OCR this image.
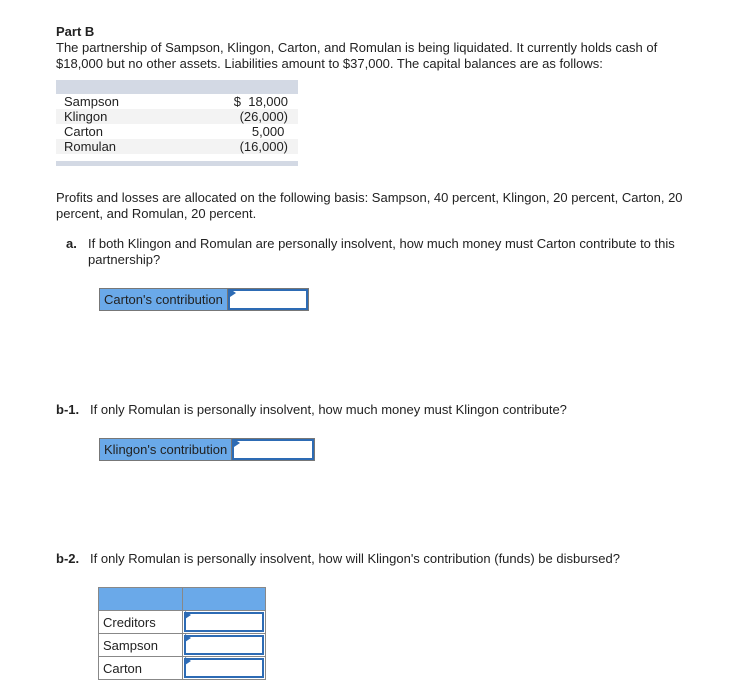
Part B
The partnership of Sampson, Klingon, Carton, and Romulan is being liquidated. It currently holds cash of $18,000 but no other assets. Liabilities amount to $37,000. The capital balances are as follows:
Sampson	$  18,000
Klingon	(26,000)
Carton	5,000
Romulan	(16,000)
Profits and losses are allocated on the following basis: Sampson, 40 percent, Klingon, 20 percent, Carton, 20 percent, and Romulan, 20 percent.
a. If both Klingon and Romulan are personally insolvent, how much money must Carton contribute to this partnership?
Carton's contribution
b-1. If only Romulan is personally insolvent, how much money must Klingon contribute?
Klingon's contribution
b-2. If only Romulan is personally insolvent, how will Klingon's contribution (funds) be disbursed?

Creditors	

Sampson	

Carton	
